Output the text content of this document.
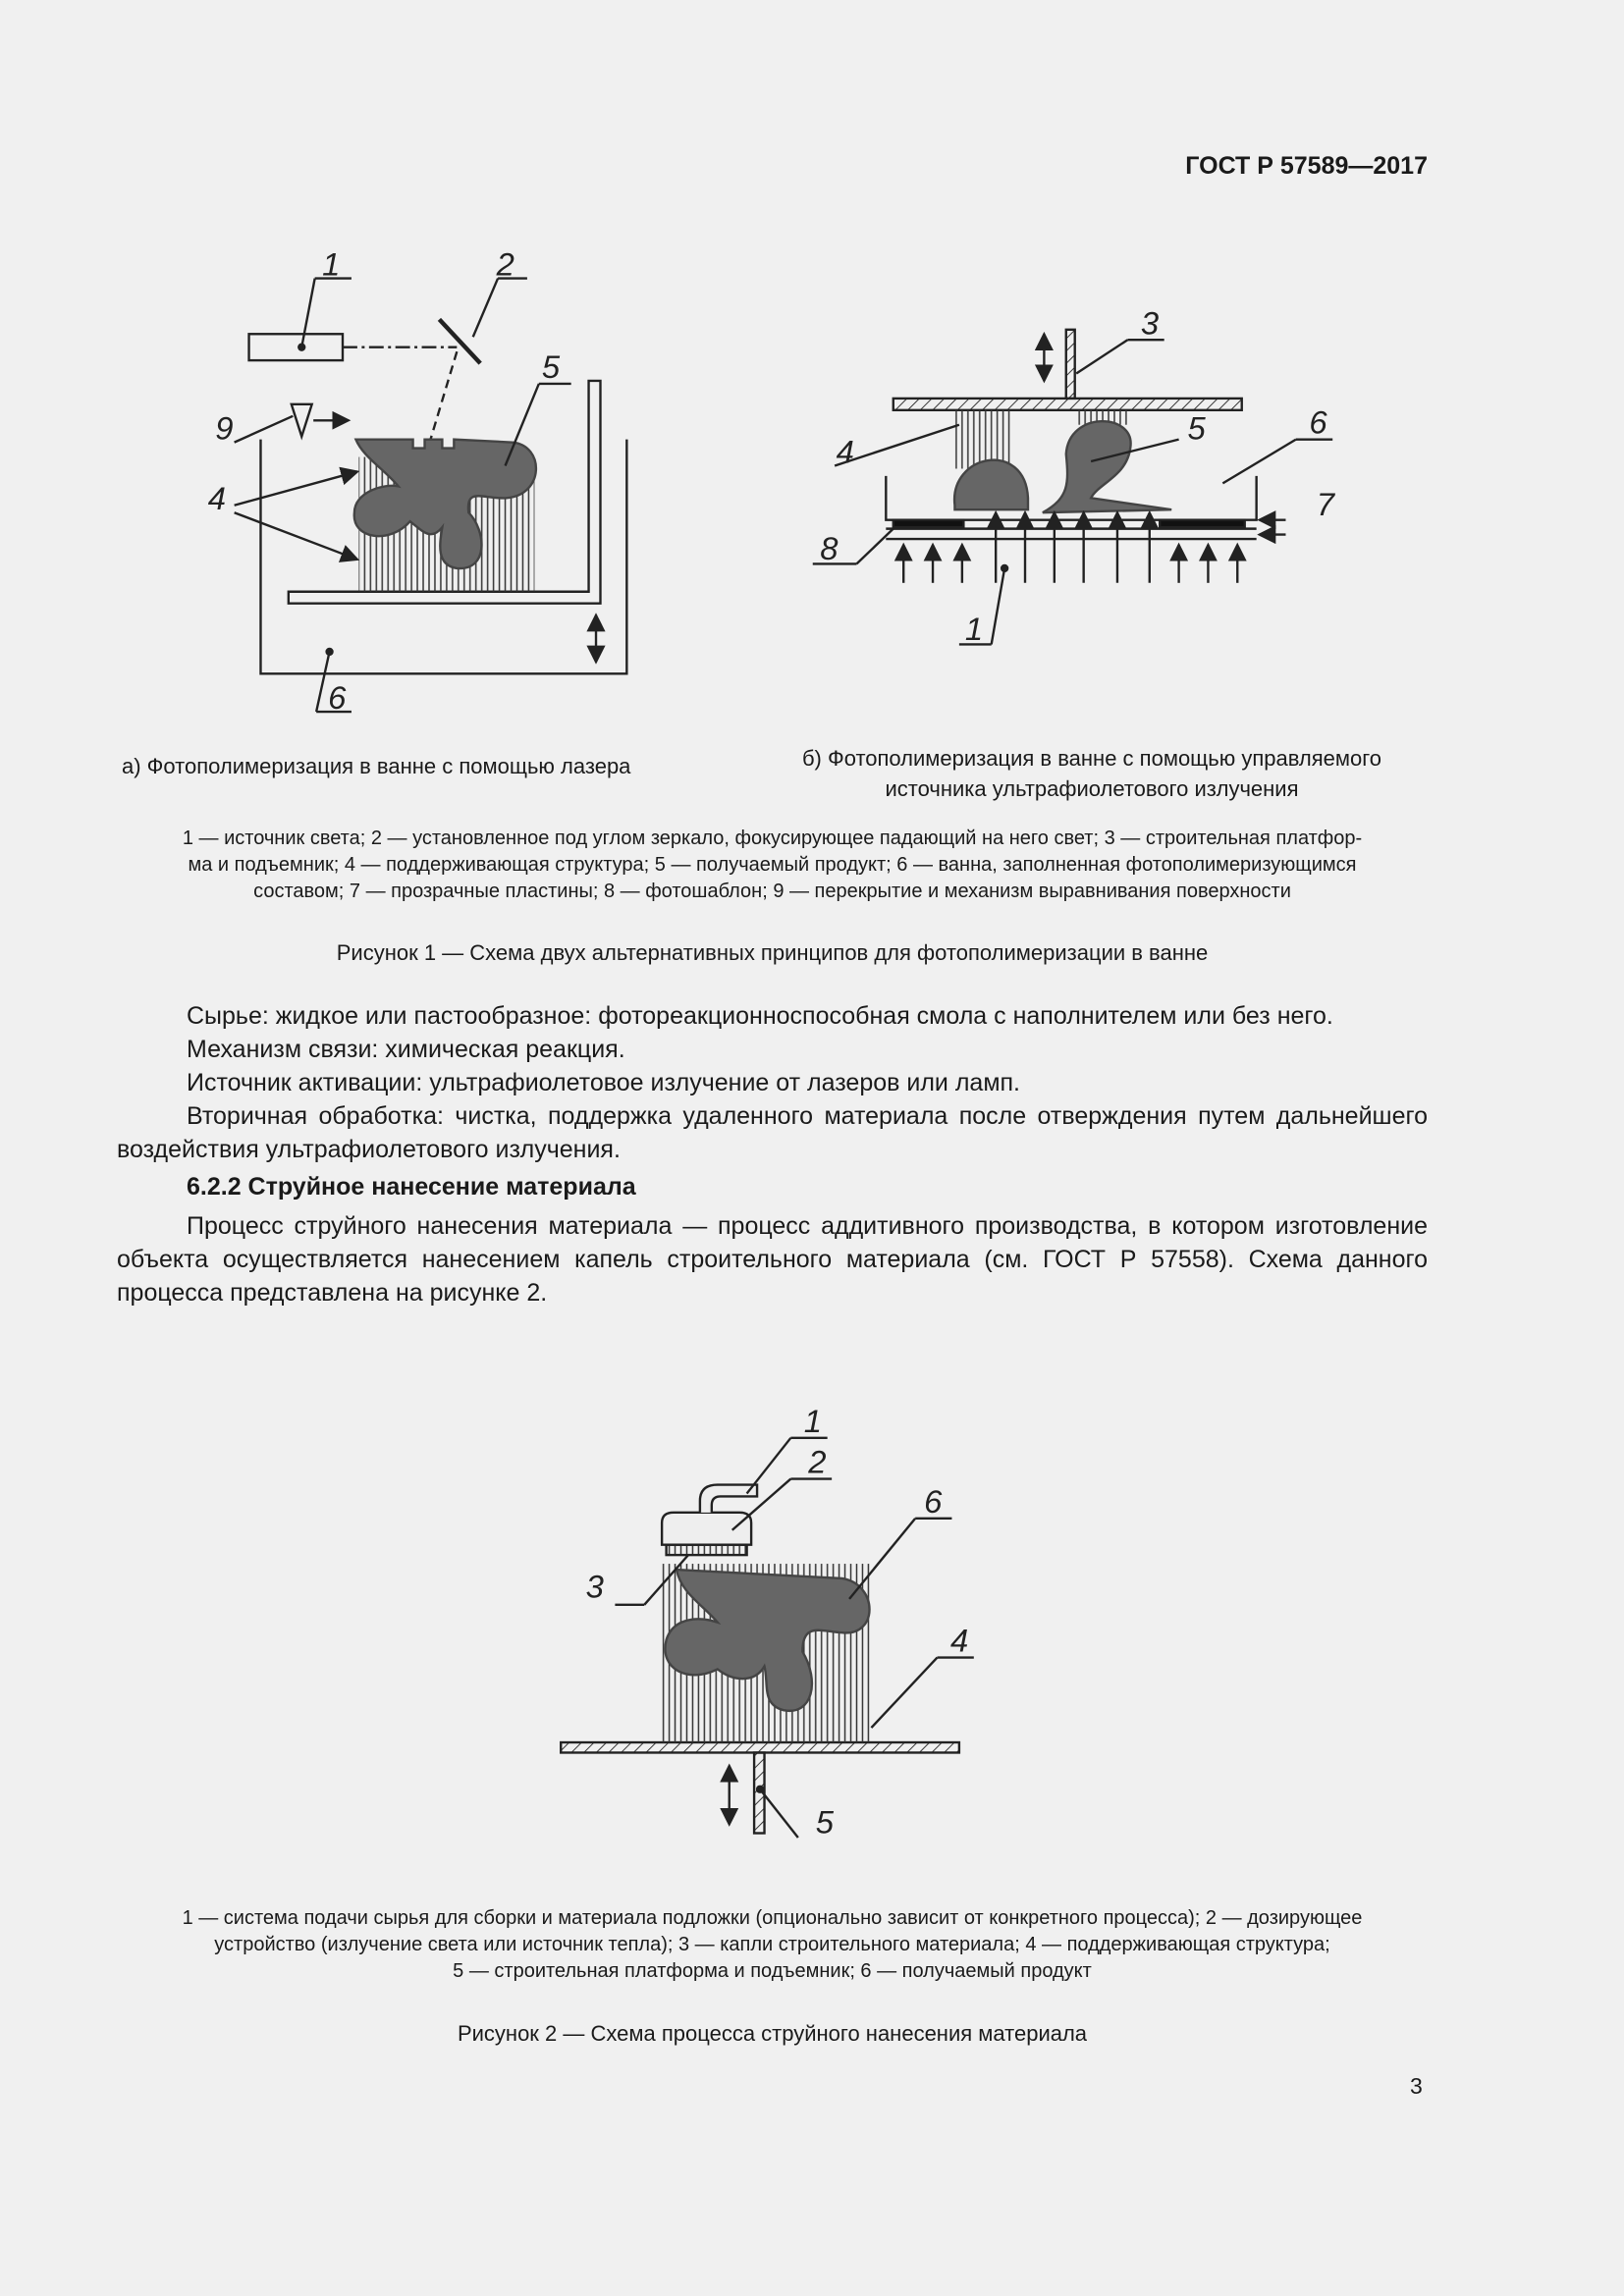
ГОСТ Р 57589—2017
1	2
5
9
4
6
3
4
5	6
7
8
1
1
2
3
6
4
5
а) Фотополимеризация в ванне с помощью лазера	б) Фотополимеризация в ванне с помощью управляемого
источника ультрафиолетового излучения
1 — источник света; 2 — установленное под углом зеркало, фокусирующее падающий на него свет; 3 — строительная платфор-
ма и подъемник; 4 — поддерживающая структура; 5 — получаемый продукт; 6 — ванна, заполненная фотополимеризующимся
составом; 7 — прозрачные пластины; 8 — фотошаблон; 9 — перекрытие и механизм выравнивания поверхности
Рисунок 1 — Схема двух альтернативных принципов для фотополимеризации в ванне

Сырье: жидкое или пастообразное: фотореакционноспособная смола с наполнителем или без него.

Механизм связи: химическая реакция.

Источник активации: ультрафиолетовое излучение от лазеров или ламп.

Вторичная обработка: чистка, поддержка удаленного материала после отверждения путем дальнейшего воздействия ультрафиолетового излучения.

6.2.2 Струйное нанесение материала

Процесс струйного нанесения материала — процесс аддитивного производства, в котором изготовление объекта осуществляется нанесением капель строительного материала (см. ГОСТ Р 57558). Схема данного процесса представлена на рисунке 2.

1 — система подачи сырья для сборки и материала подложки (опционально зависит от конкретного процесса); 2 — дозирующее
устройство (излучение света или источник тепла); 3 — капли строительного материала; 4 — поддерживающая структура;
5 — строительная платформа и подъемник; 6 — получаемый продукт
Рисунок 2 — Схема процесса струйного нанесения материала
3
